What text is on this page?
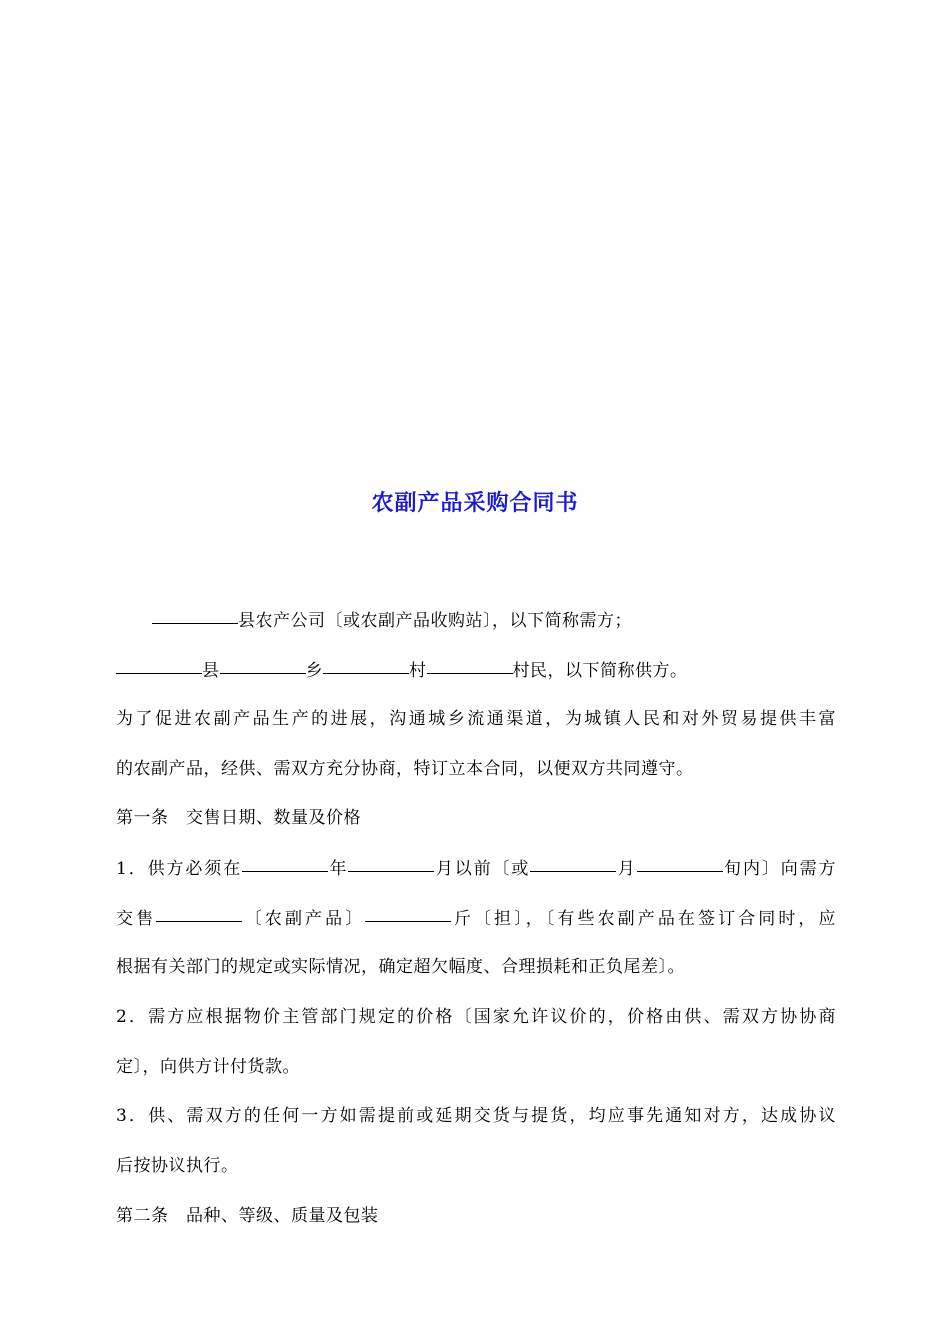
农副产品采购合同书
县农产公司〔或农副产品收购站〕，以下简称需方；
县	乡	村	村民，以下简称供方。
为了促进农副产品生产的进展，沟通城乡流通渠道，为城镇人民和对外贸易提供丰富
的农副产品，经供、需双方充分协商，特订立本合同，以便双方共同遵守。
第一条　交售日期、数量及价格
1．供方必须在	年	月以前〔或	月	旬内〕向需方
交售	〔农副产品〕	斤〔担〕，〔有些农副产品在签订合同时，应
根据有关部门的规定或实际情况，确定超欠幅度、合理损耗和正负尾差〕。
2．需方应根据物价主管部门规定的价格〔国家允许议价的，价格由供、需双方协协商
定〕，向供方计付货款。
3．供、需双方的任何一方如需提前或延期交货与提货，均应事先通知对方，达成协议
后按协议执行。
第二条　品种、等级、质量及包装
